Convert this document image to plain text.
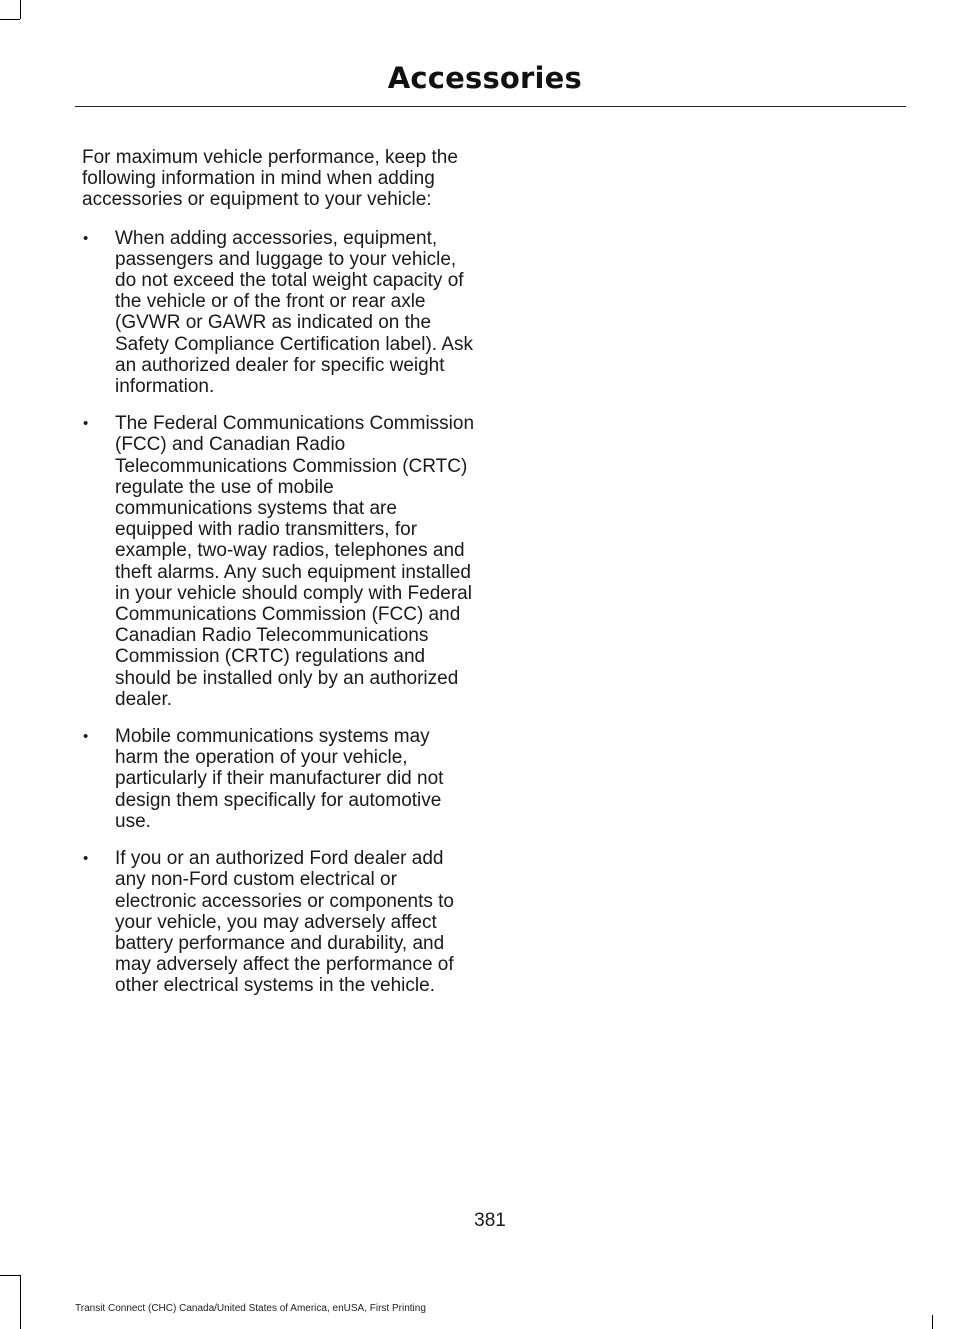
Accessories

For maximum vehicle performance, keep the following information in mind when adding accessories or equipment to your vehicle:

• When adding accessories, equipment, passengers and luggage to your vehicle, do not exceed the total weight capacity of the vehicle or of the front or rear axle (GVWR or GAWR as indicated on the Safety Compliance Certification label). Ask an authorized dealer for specific weight information.
• The Federal Communications Commission (FCC) and Canadian Radio Telecommunications Commission (CRTC) regulate the use of mobile communications systems that are equipped with radio transmitters, for example, two-way radios, telephones and theft alarms. Any such equipment installed in your vehicle should comply with Federal Communications Commission (FCC) and Canadian Radio Telecommunications Commission (CRTC) regulations and should be installed only by an authorized dealer.
• Mobile communications systems may harm the operation of your vehicle, particularly if their manufacturer did not design them specifically for automotive use.
• If you or an authorized Ford dealer add any non-Ford custom electrical or electronic accessories or components to your vehicle, you may adversely affect battery performance and durability, and may adversely affect the performance of other electrical systems in the vehicle.
381
Transit Connect (CHC) Canada/United States of America, enUSA, First Printing
